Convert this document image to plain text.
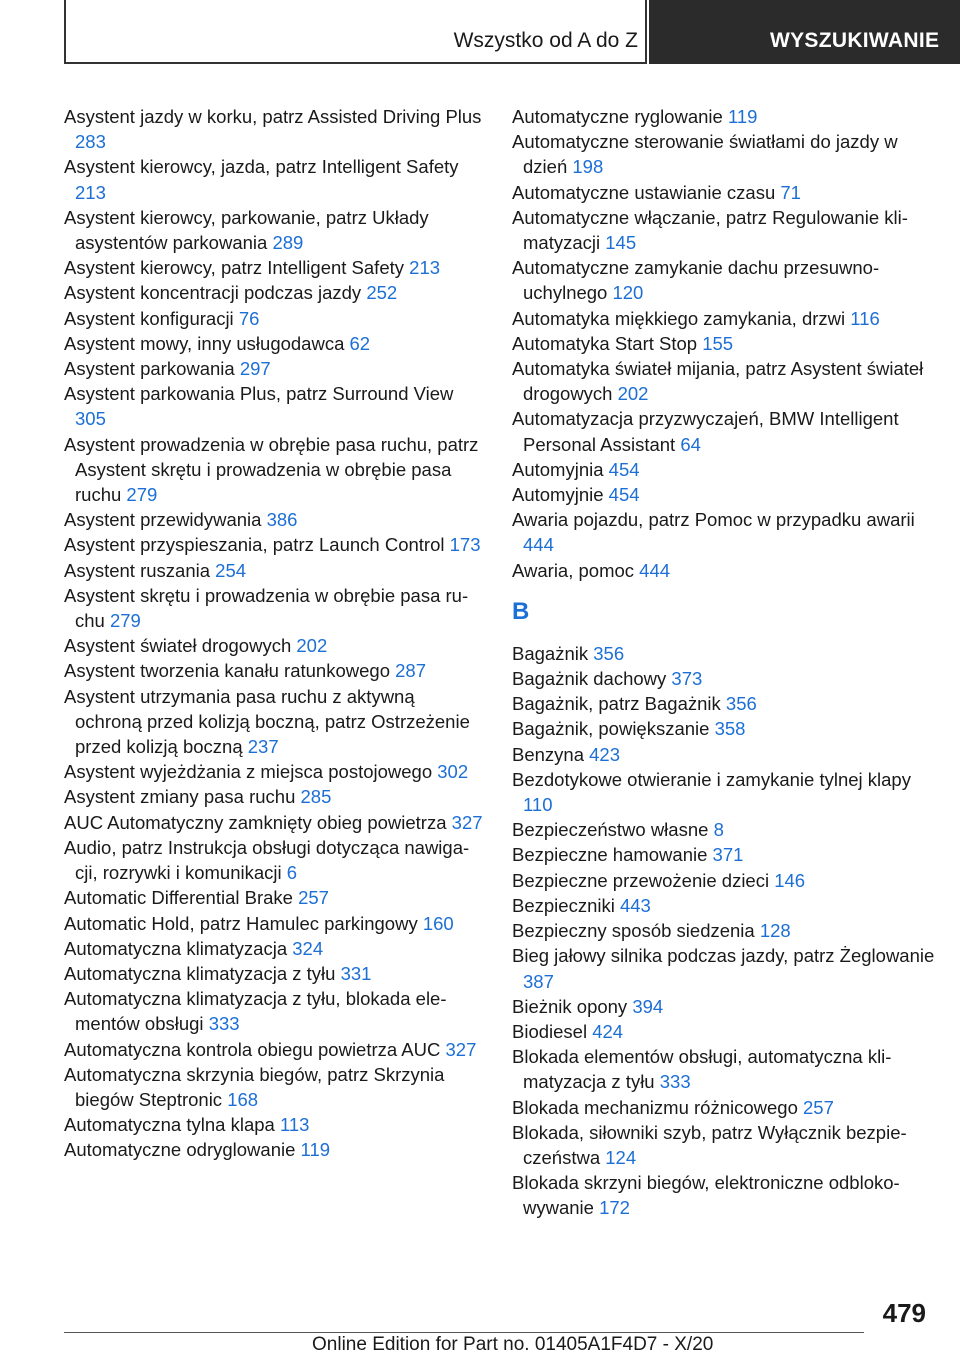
Wszystko od A do Z	WYSZUKIWANIE
Asystent jazdy w korku, patrz Assisted Driving Plus 283
Asystent kierowcy, jazda, patrz Intelligent Safety 213
Asystent kierowcy, parkowanie, patrz Układy asystentów parkowania 289
Asystent kierowcy, patrz Intelligent Safety 213
Asystent koncentracji podczas jazdy 252
Asystent konfiguracji 76
Asystent mowy, inny usługodawca 62
Asystent parkowania 297
Asystent parkowania Plus, patrz Surround View 305
Asystent prowadzenia w obrębie pasa ruchu, patrz Asystent skrętu i prowadzenia w obrębie pasa ruchu 279
Asystent przewidywania 386
Asystent przyspieszania, patrz Launch Control 173
Asystent ruszania 254
Asystent skrętu i prowadzenia w obrębie pasa ruchu 279
Asystent świateł drogowych 202
Asystent tworzenia kanału ratunkowego 287
Asystent utrzymania pasa ruchu z aktywną ochroną przed kolizją boczną, patrz Ostrzeżenie przed kolizją boczną 237
Asystent wyjeżdżania z miejsca postojowego 302
Asystent zmiany pasa ruchu 285
AUC Automatyczny zamknięty obieg powietrza 327
Audio, patrz Instrukcja obsługi dotycząca nawigacji, rozrywki i komunikacji 6
Automatic Differential Brake 257
Automatic Hold, patrz Hamulec parkingowy 160
Automatyczna klimatyzacja 324
Automatyczna klimatyzacja z tyłu 331
Automatyczna klimatyzacja z tyłu, blokada elementów obsługi 333
Automatyczna kontrola obiegu powietrza AUC 327
Automatyczna skrzynia biegów, patrz Skrzynia biegów Steptronic 168
Automatyczna tylna klapa 113
Automatyczne odryglowanie 119
Automatyczne ryglowanie 119
Automatyczne sterowanie światłami do jazdy w dzień 198
Automatyczne ustawianie czasu 71
Automatyczne włączanie, patrz Regulowanie klimatyzacji 145
Automatyczne zamykanie dachu przesuwno-uchylnego 120
Automatyka miękkiego zamykania, drzwi 116
Automatyka Start Stop 155
Automatyka świateł mijania, patrz Asystent świateł drogowych 202
Automatyzacja przyzwyczajeń, BMW Intelligent Personal Assistant 64
Automyjnia 454
Automyjnie 454
Awaria pojazdu, patrz Pomoc w przypadku awarii 444
Awaria, pomoc 444
B
Bagażnik 356
Bagażnik dachowy 373
Bagażnik, patrz Bagażnik 356
Bagażnik, powiększanie 358
Benzyna 423
Bezdotykowe otwieranie i zamykanie tylnej klapy 110
Bezpieczeństwo własne 8
Bezpieczne hamowanie 371
Bezpieczne przewożenie dzieci 146
Bezpieczniki 443
Bezpieczny sposób siedzenia 128
Bieg jałowy silnika podczas jazdy, patrz Żeglowanie 387
Bieżnik opony 394
Biodiesel 424
Blokada elementów obsługi, automatyczna klimatyzacja z tyłu 333
Blokada mechanizmu różnicowego 257
Blokada, siłowniki szyb, patrz Wyłącznik bezpieczeństwa 124
Blokada skrzyni biegów, elektroniczne odblokowywanie 172
479
Online Edition for Part no. 01405A1F4D7 - X/20
